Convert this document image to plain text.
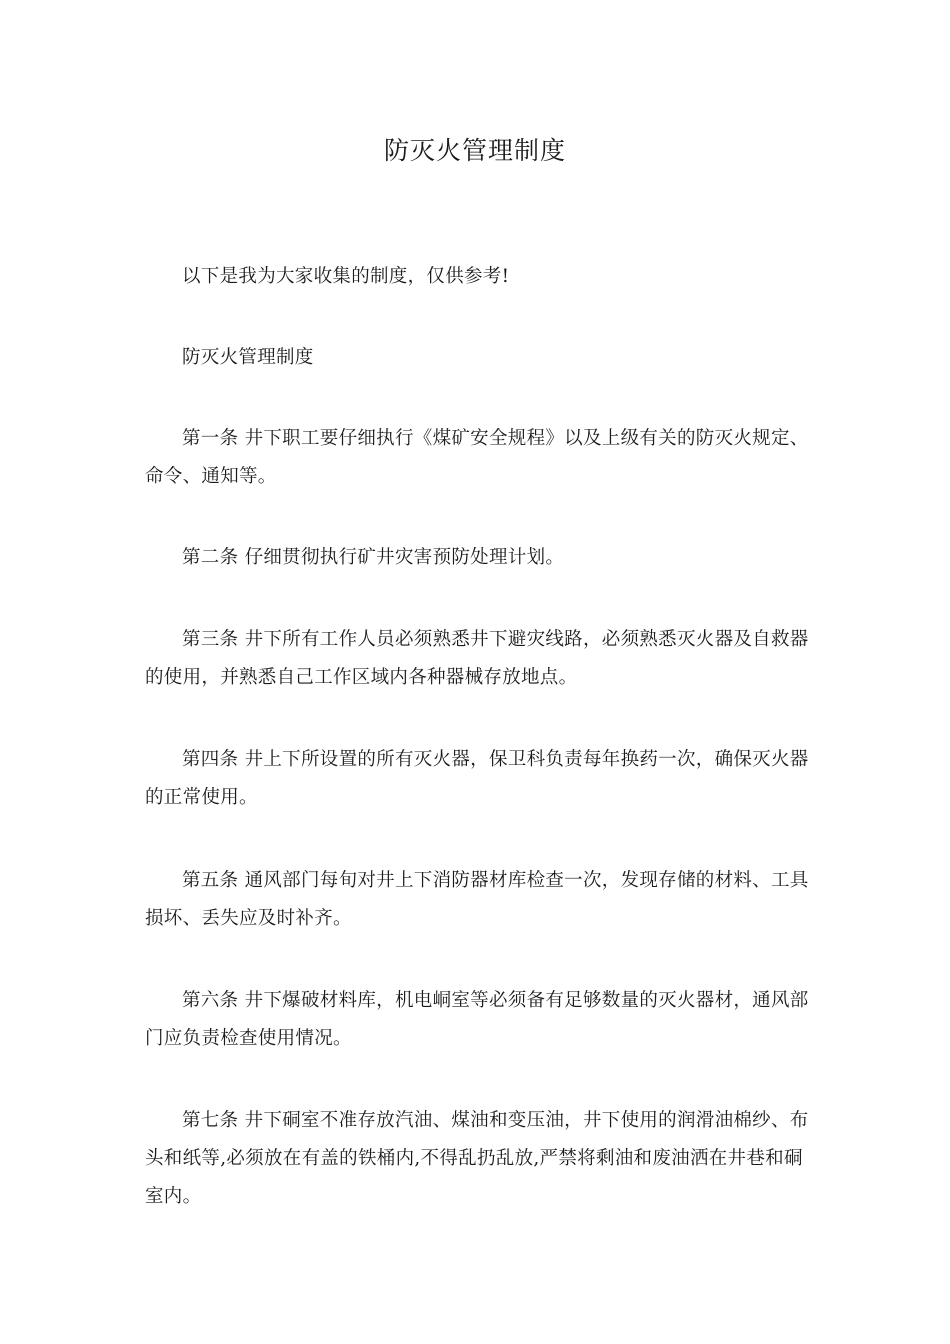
防灭火管理制度

以下是我为大家收集的制度，仅供参考!

防灭火管理制度

第一条 井下职工要仔细执行《煤矿安全规程》以及上级有关的防灭火规定、命令、通知等。

第二条 仔细贯彻执行矿井灾害预防处理计划。

第三条 井下所有工作人员必须熟悉井下避灾线路，必须熟悉灭火器及自救器的使用，并熟悉自己工作区域内各种器械存放地点。

第四条 井上下所设置的所有灭火器，保卫科负责每年换药一次，确保灭火器的正常使用。

第五条 通风部门每旬对井上下消防器材库检查一次，发现存储的材料、工具损坏、丢失应及时补齐。

第六条 井下爆破材料库，机电峒室等必须备有足够数量的灭火器材，通风部门应负责检查使用情况。

第七条 井下硐室不准存放汽油、煤油和变压油，井下使用的润滑油棉纱、布头和纸等,必须放在有盖的铁桶内,不得乱扔乱放,严禁将剩油和废油洒在井巷和硐室内。
